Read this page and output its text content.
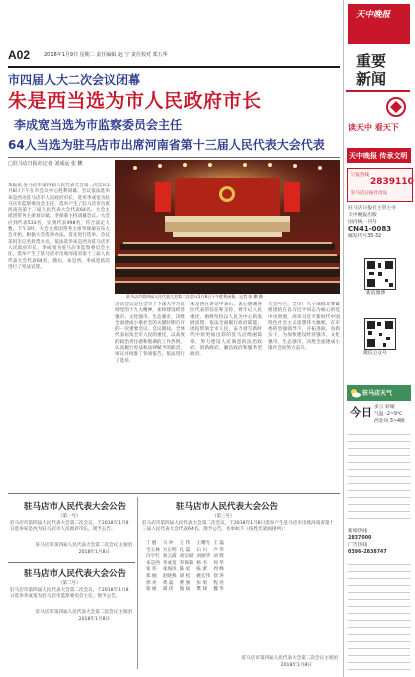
A02	2018年1月9日 星期二 责任编辑 赵 宁 责任校对 郑五华
市四届人大二次会议闭幕
朱是西当选为市人民政府市长
李成宽当选为市监察委员会主任
64人当选为驻马店市出席河南省第十三届人民代表大会代表
□驻马店日报社记者 刘成运 张 鹏
驻马店市第四届人民代表大会第二次会议1月8日下午胜利闭幕。记者 张 鹏 摄
本报讯 驻马店市第四届人民代表大会第二次会议1月8日下午在市会议中心胜利闭幕。会议依法选举朱是西为驻马店市人民政府市长，选举李成宽为驻马店市监察委员会主任，选举产生了驻马店市出席河南省第十三届人民代表大会代表64名。大会主席团常务主席刘宗斌、李保菊主持闭幕会议。大会应到代表533名，实到代表498名，符合法定人数。下午3时，大会主席团常务主席李保菊宣布大会开始。根据大会选举办法，首先进行选举。会议采用无记名投票方式，依法选举朱是西为驻马店市人民政府市长，李成宽为驻马店市监察委员会主任，选举产生了驻马店市出席河南省第十三届人民代表大会代表64名。随后，朱是西、李成宽依次进行了宪法宣誓。
这次会议是在全市上下深入学习贯彻党的十九大精神，加快建设经济强市、文化强市、生态强市，决胜全面建成小康社会的关键时期召开的一次重要会议。会议期间，全体代表肩负全市人民的重托，以高度的政治责任感和饱满的工作热情，认真履行宪法和法律赋予的职责，审议并批准了各项报告，依法进行了选举。
朱是西在讲话中表示，衷心感谢各位代表的信任和支持，将牢记人民重托，始终坚持以人民为中心的发展思想，依法全面履行政府职能，团结带领全市人民，奋力谱写新时代中原更加出彩的驻马店绚丽篇章，努力建设人民满意的法治政府、创新政府、廉洁政府和服务型政府。
大会号召，全市广大干部群众要紧密团结在以习近平同志为核心的党中央周围，高举习近平新时代中国特色社会主义思想伟大旗帜，在市委的坚强领导下，开拓进取，真抓实干，为加快建设经济强市、文化强市、生态强市，决胜全面建成小康社会而努力奋斗。
驻马店市人民代表大会公告
（第一号）
驻马店市第四届人民代表大会第二次会议，于2018年1月8日选举朱是西为驻马店市人民政府市长。现予公告。
驻马店市第四届人民代表大会第二次会议主席团
2018年1月8日
驻马店市人民代表大会公告
（第二号）
驻马店市第四届人民代表大会第二次会议，于2018年1月8日选举李成宽为驻马店市监察委员会主任。现予公告。
驻马店市第四届人民代表大会第二次会议主席团
2018年1月8日
驻马店市人民代表大会公告
（第三号）
驻马店市第四届人民代表大会第二次会议，于2018年1月8日选举产生驻马店市出席河南省第十三届人民代表大会代表64名。现予公告。名单如下（按姓氏笔画排列）：
丁 健	马 冲	王 伟	王曙光	王 磊
毛玉林	方正明	孔 磊	石 川	卢 华
冯宇红	刘云霞	刘宗斌	刘丽华	刘 辉
朱是西	李成宽	李保菊	杨 杰	何 华
张 伟	张海风	陈 星	陈 蕾	周 峰
郑 刚	赵晓燕	胡 松	姚宏伟	徐 涛
郭 亮	黄 磊	曹 强	彭 勇	程 亮
蔡 敏	谭 伟	熊 斌	樊 锋	魏 华
驻马店市第四届人民代表大会第二次会议主席团
2018年1月8日
天中晚报
重要
新闻
读天中 看天下
天中晚报 传承文明
订报热线
2839110
驻马店日报社出品
驻马店日报社主管主办
天中晚报出版
国内统一刊号
CN41-0083
邮发代号35-32
新浪微博
微信公众号
驻马店天气
今日 多云 转晴
气温 -2~9℃
西北风 3~4级
新闻热线
2837000
广告热线
0396-2838747
